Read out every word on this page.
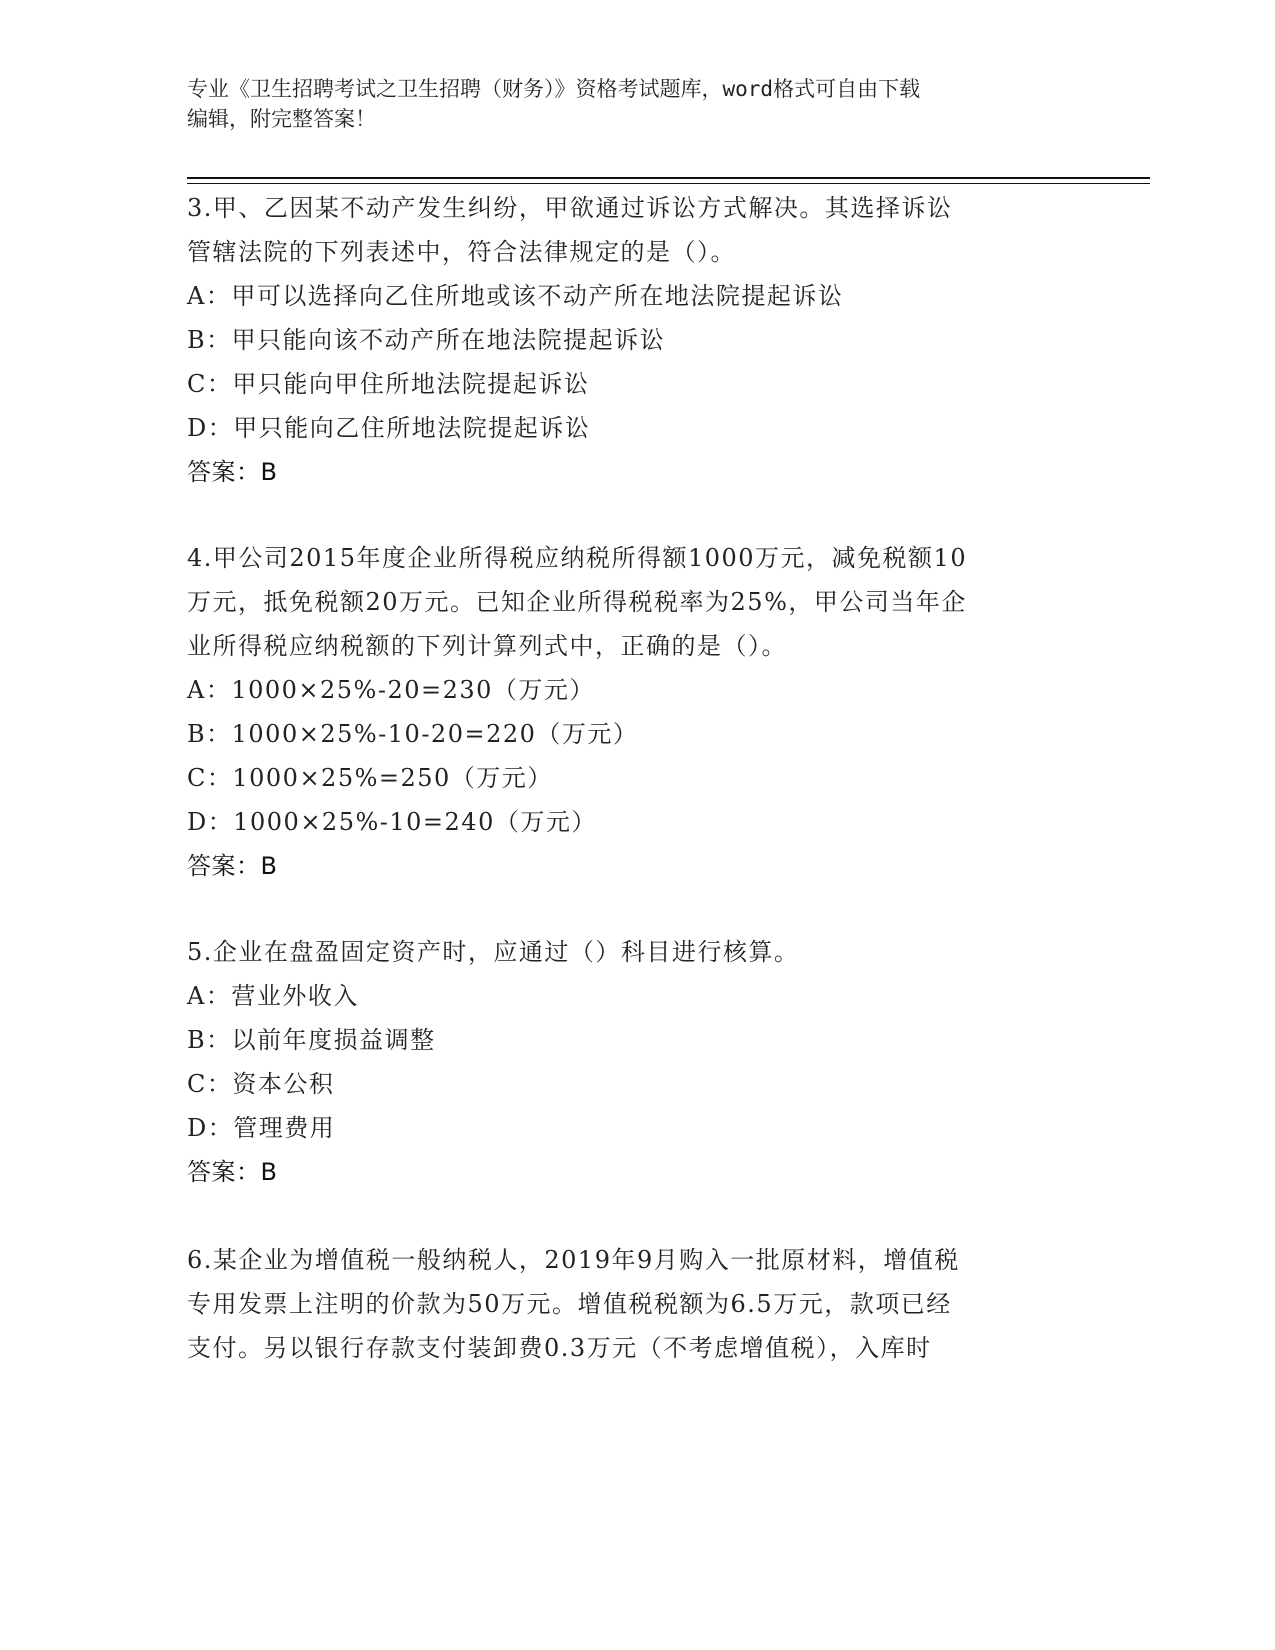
专业《卫生招聘考试之卫生招聘（财务）》资格考试题库，word格式可自由下载
编辑，附完整答案！
3.甲、乙因某不动产发生纠纷，甲欲通过诉讼方式解决。其选择诉讼
管辖法院的下列表述中，符合法律规定的是（）。
A：甲可以选择向乙住所地或该不动产所在地法院提起诉讼
B：甲只能向该不动产所在地法院提起诉讼
C：甲只能向甲住所地法院提起诉讼
D：甲只能向乙住所地法院提起诉讼
答案：B
4.甲公司2015年度企业所得税应纳税所得额1000万元，减免税额10
万元，抵免税额20万元。已知企业所得税税率为25%，甲公司当年企
业所得税应纳税额的下列计算列式中，正确的是（）。
A：1000×25%-20=230（万元）
B：1000×25%-10-20=220（万元）
C：1000×25%=250（万元）
D：1000×25%-10=240（万元）
答案：B
5.企业在盘盈固定资产时，应通过（）科目进行核算。
A：营业外收入
B：以前年度损益调整
C：资本公积
D：管理费用
答案：B
6.某企业为增值税一般纳税人，2019年9月购入一批原材料，增值税
专用发票上注明的价款为50万元。增值税税额为6.5万元，款项已经
支付。另以银行存款支付装卸费0.3万元（不考虑增值税），入库时
